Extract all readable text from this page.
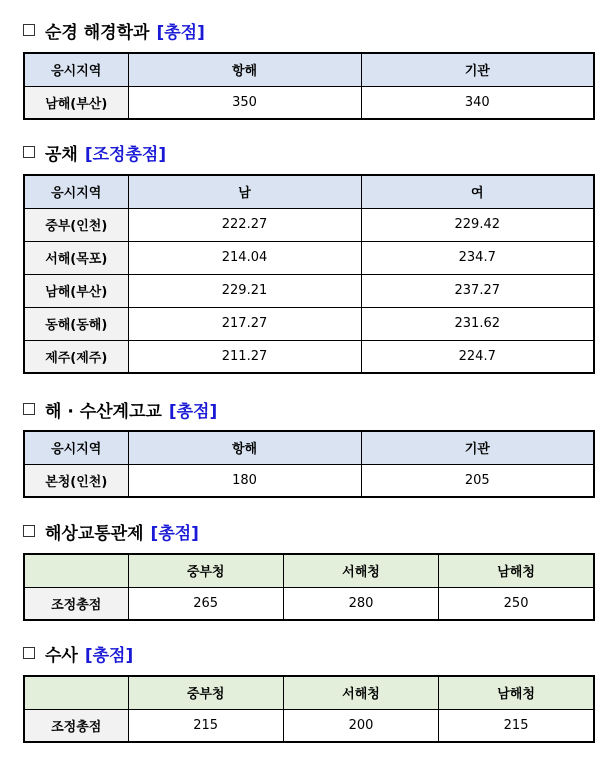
순경 해경학과 [총점]
응시지역	항해	기관
남해(부산)	350	340
공채 [조정총점]
응시지역	남	여
중부(인천)	222.27	229.42
서해(목포)	214.04	234.7
남해(부산)	229.21	237.27
동해(동해)	217.27	231.62
제주(제주)	211.27	224.7
해 · 수산계고교 [총점]
응시지역	항해	기관
본청(인천)	180	205
해상교통관제 [총점]
	중부청	서해청	남해청
조정총점	265	280	250
수사 [총점]
	중부청	서해청	남해청
조정총점	215	200	215
